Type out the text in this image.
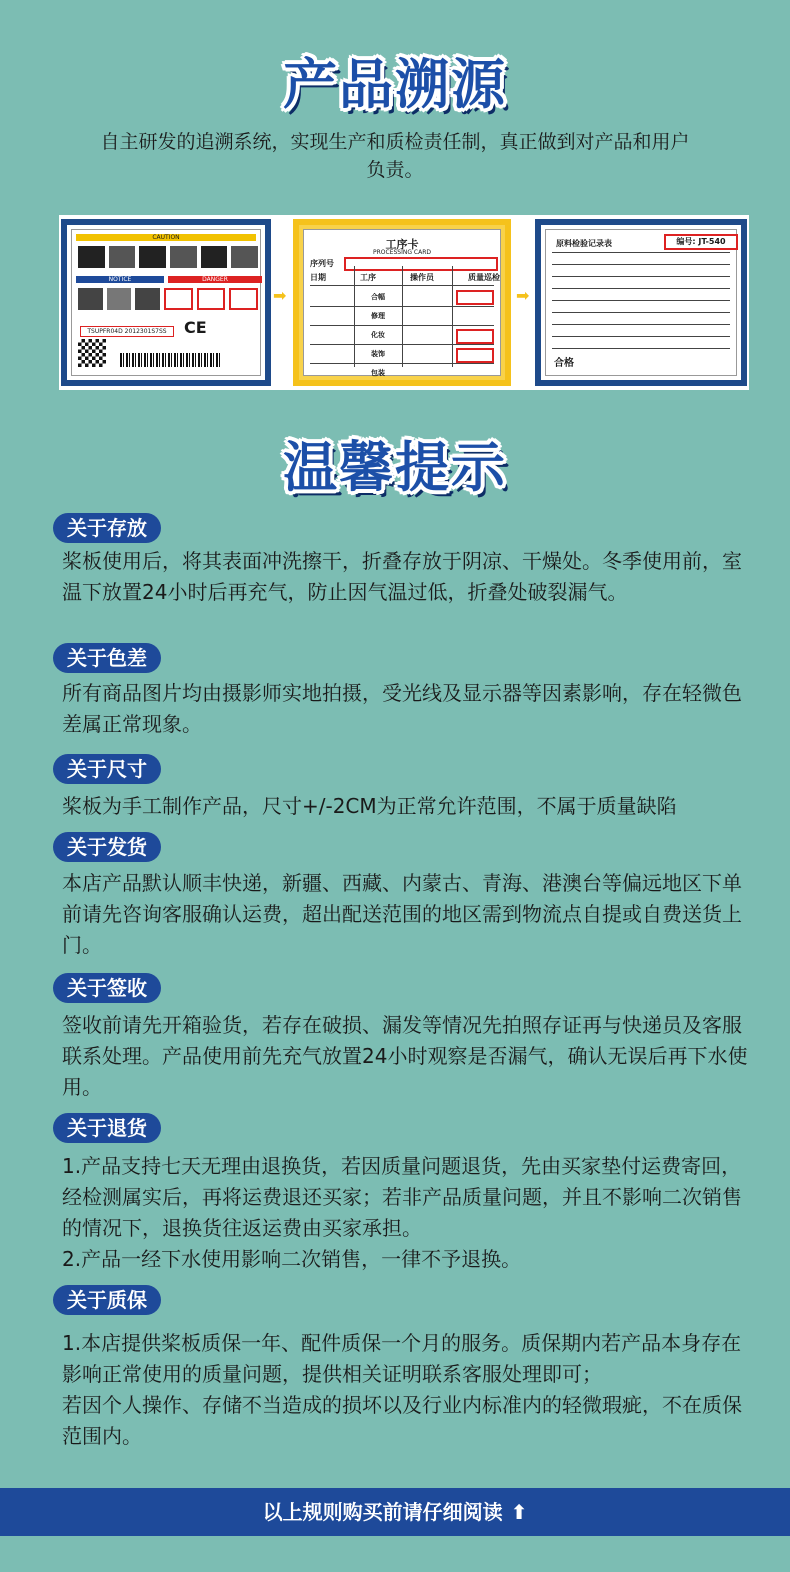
产品溯源
自主研发的追溯系统，实现生产和质检责任制，真正做到对产品和用户负责。
CAUTION
NOTICE	DANGER
TSUPFR04D 2012301S7SS	CE
➡
工序卡
PROCESSING CARD
序列号
日期	工序	操作员	质量巡检
合幅
修理
化妆
装饰
包装
➡
原料检验记录表	编号: JT-540
合格
温馨提示
关于存放
桨板使用后，将其表面冲洗擦干，折叠存放于阴凉、干燥处。冬季使用前，室温下放置24小时后再充气，防止因气温过低，折叠处破裂漏气。
关于色差
所有商品图片均由摄影师实地拍摄，受光线及显示器等因素影响，存在轻微色差属正常现象。
关于尺寸
桨板为手工制作产品，尺寸+/-2CM为正常允许范围，不属于质量缺陷
关于发货
本店产品默认顺丰快递，新疆、西藏、内蒙古、青海、港澳台等偏远地区下单前请先咨询客服确认运费，超出配送范围的地区需到物流点自提或自费送货上门。
关于签收
签收前请先开箱验货，若存在破损、漏发等情况先拍照存证再与快递员及客服联系处理。产品使用前先充气放置24小时观察是否漏气，确认无误后再下水使用。
关于退货
1.产品支持七天无理由退换货，若因质量问题退货，先由买家垫付运费寄回，经检测属实后，再将运费退还买家；若非产品质量问题，并且不影响二次销售的情况下，退换货往返运费由买家承担。
2.产品一经下水使用影响二次销售，一律不予退换。
关于质保
1.本店提供桨板质保一年、配件质保一个月的服务。质保期内若产品本身存在影响正常使用的质量问题，提供相关证明联系客服处理即可；
若因个人操作、存储不当造成的损坏以及行业内标准内的轻微瑕疵，不在质保范围内。
以上规则购买前请仔细阅读 ⬆
